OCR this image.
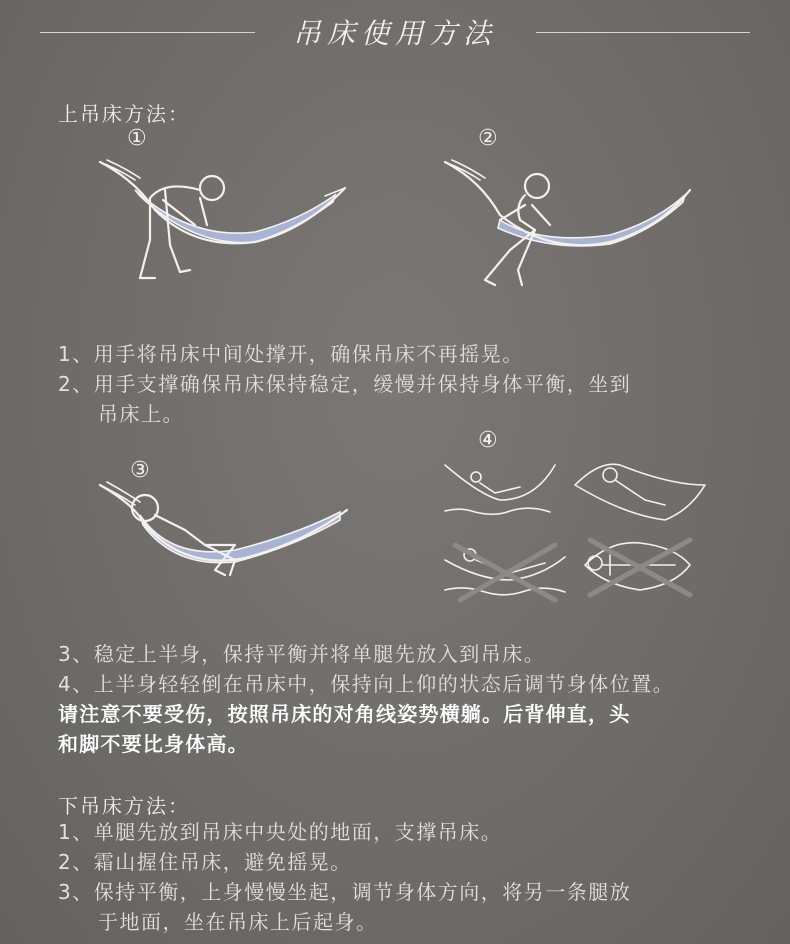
吊床使用方法
上吊床方法：
①	②
1、用手将吊床中间处撑开，确保吊床不再摇晃。
2、用手支撑确保吊床保持稳定，缓慢并保持身体平衡，坐到
吊床上。
③
④
3、稳定上半身，保持平衡并将单腿先放入到吊床。
4、上半身轻轻倒在吊床中，保持向上仰的状态后调节身体位置。
请注意不要受伤，按照吊床的对角线姿势横躺。后背伸直，头
和脚不要比身体高。
下吊床方法：
1、单腿先放到吊床中央处的地面，支撑吊床。
2、霜山握住吊床，避免摇晃。
3、保持平衡，上身慢慢坐起，调节身体方向，将另一条腿放
于地面，坐在吊床上后起身。
